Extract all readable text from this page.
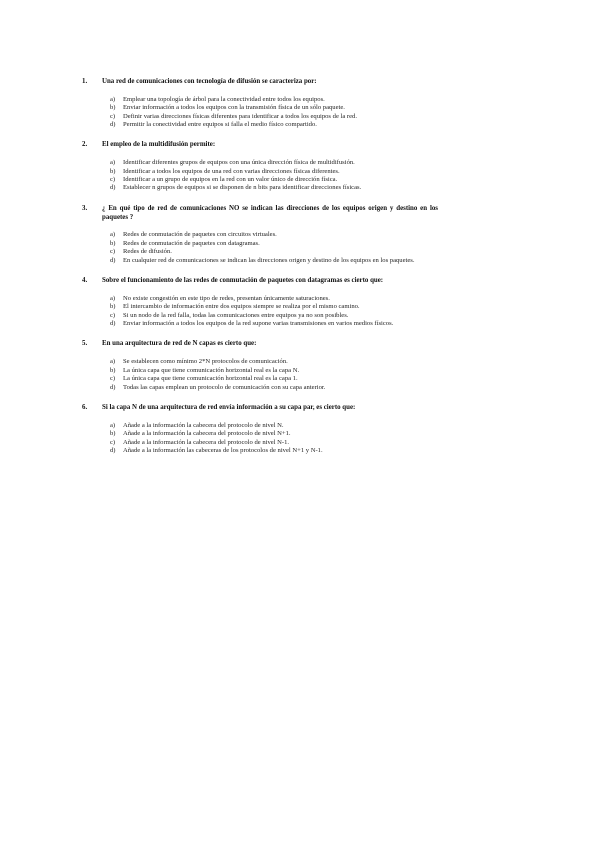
1.	Una red de comunicaciones con tecnología de difusión se caracteriza por:
a)	Emplear una topología de árbol para la conectividad entre todos los equipos.
b)	Enviar información a todos los equipos con la transmisión física de un sólo paquete.
c)	Definir varias direcciones físicas diferentes para identificar a todos los equipos de la red.
d)	Permitir la conectividad entre equipos si falla el medio físico compartido.
2.	El empleo de la multidifusión permite:
a)	Identificar diferentes grupos de equipos con una única dirección física de multidifusión.
b)	Identificar a todos los equipos de una red con varias direcciones físicas diferentes.
c)	Identificar a un grupo de equipos en la red con un valor único de dirección física.
d)	Establecer n grupos de equipos si se disponen de n bits para identificar direcciones físicas.
3.	¿ En qué tipo de red de comunicaciones NO se indican las direcciones de los equipos origen y destino en los paquetes ?
a)	Redes de conmutación de paquetes con circuitos virtuales.
b)	Redes de conmutación de paquetes con datagramas.
c)	Redes de difusión.
d)	En cualquier red de comunicaciones se indican las direcciones origen y destino de los equipos en los paquetes.
4.	Sobre el funcionamiento de las redes de conmutación de paquetes con datagramas es cierto que:
a)	No existe congestión en este tipo de redes, presentan únicamente saturaciones.
b)	El intercambio de información entre dos equipos siempre se realiza por el mismo camino.
c)	Si un nodo de la red falla, todas las comunicaciones entre equipos ya no son posibles.
d)	Enviar información a todos los equipos de la red supone varias transmisiones en varios medios físicos.
5.	En una arquitectura de red de N capas es cierto que:
a)	Se establecen como mínimo 2*N protocolos de comunicación.
b)	La única capa que tiene comunicación horizontal real es la capa N.
c)	La única capa que tiene comunicación horizontal real es la capa 1.
d)	Todas las capas emplean un protocolo de comunicación con su capa anterior.
6.	Si la capa N de una arquitectura de red envía información a su capa par, es cierto que:
a)	Añade a la información la cabecera del protocolo de nivel N.
b)	Añade a la información la cabecera del protocolo de nivel N+1.
c)	Añade a la información la cabecera del protocolo de nivel N-1.
d)	Añade a la información las cabeceras de los protocolos de nivel N+1 y N-1.
